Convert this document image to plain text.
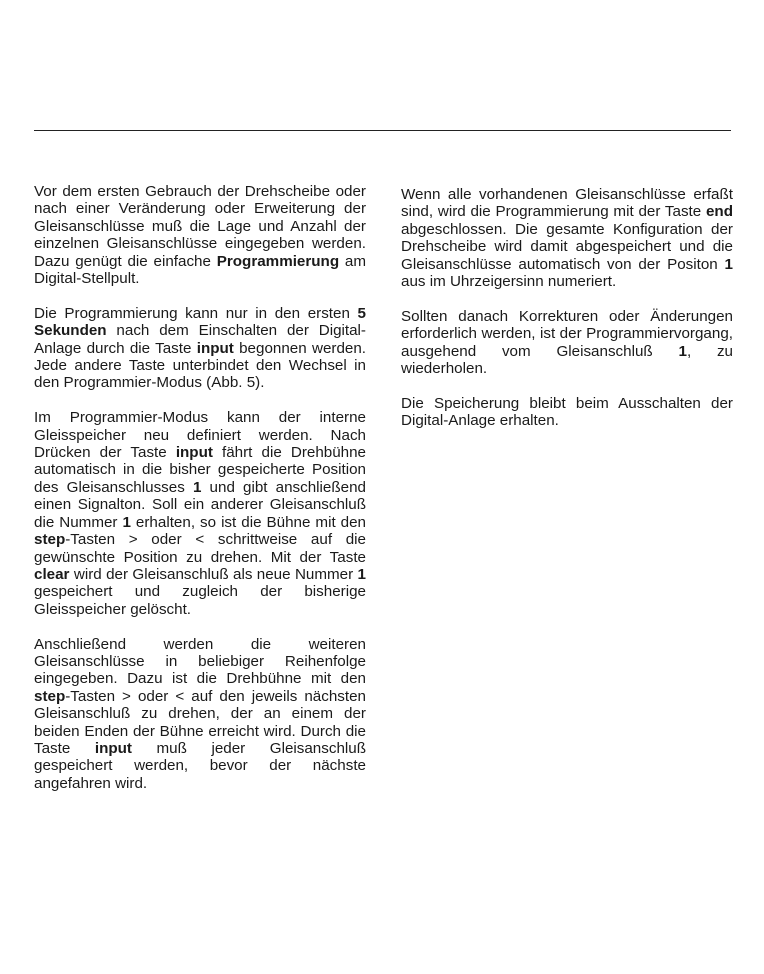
Vor dem ersten Gebrauch der Drehscheibe oder nach einer Veränderung oder Erweiterung der Gleisanschlüsse muß die Lage und Anzahl der einzelnen Gleisanschlüsse eingegeben werden. Dazu genügt die einfache Programmierung am Digital-Stellpult.

Die Programmierung kann nur in den ersten 5 Sekunden nach dem Einschalten der Digital-Anlage durch die Taste input begonnen werden. Jede andere Taste unterbindet den Wechsel in den Programmier-Modus (Abb. 5).

Im Programmier-Modus kann der interne Gleisspeicher neu definiert werden. Nach Drücken der Taste input fährt die Drehbühne automatisch in die bisher gespeicherte Position des Gleisanschlusses 1 und gibt anschließend einen Signalton. Soll ein anderer Gleisanschluß die Nummer 1 erhalten, so ist die Bühne mit den step-Tasten > oder < schrittweise auf die gewünschte Position zu drehen. Mit der Taste clear wird der Gleisanschluß als neue Nummer 1 gespeichert und zugleich der bisherige Gleisspeicher gelöscht.

Anschließend werden die weiteren Gleisanschlüsse in beliebiger Reihenfolge eingegeben. Dazu ist die Drehbühne mit den step-Tasten > oder < auf den jeweils nächsten Gleisanschluß zu drehen, der an einem der beiden Enden der Bühne erreicht wird. Durch die Taste input muß jeder Gleisanschluß gespeichert werden, bevor der nächste angefahren wird.

Wenn alle vorhandenen Gleisanschlüsse erfaßt sind, wird die Programmierung mit der Taste end abgeschlossen. Die gesamte Konfiguration der Drehscheibe wird damit abgespeichert und die Gleisanschlüsse automatisch von der Positon 1 aus im Uhrzeigersinn numeriert.

Sollten danach Korrekturen oder Änderungen erforderlich werden, ist der Programmiervorgang, ausgehend vom Gleisanschluß 1, zu wiederholen.

Die Speicherung bleibt beim Ausschalten der Digital-Anlage erhalten.
